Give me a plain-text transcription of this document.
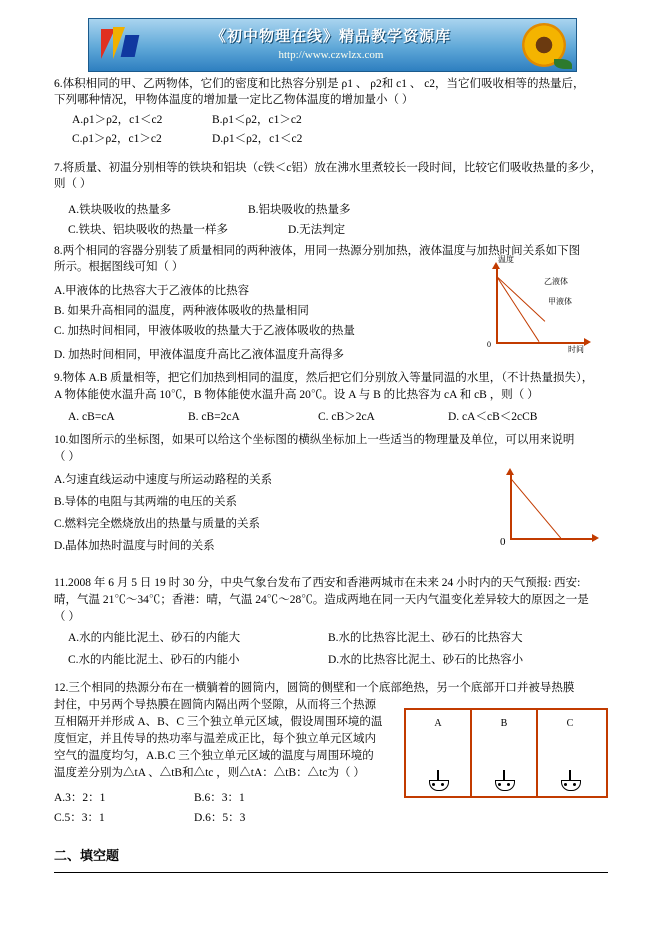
《初中物理在线》精品教学资源库
http://www.czwlzx.com
6.体积相同的甲、乙两物体，它们的密度和比热容分别是 ρ1 、 ρ2和 c1 、 c2，当它们吸收相等的热量后，
下列哪种情况，甲物体温度的增加量一定比乙物体温度的增加量小（ ）
A.ρ1＞ρ2，c1＜c2	B.ρ1＜ρ2，c1＞c2
C.ρ1＞ρ2，c1＞c2	D.ρ1＜ρ2，c1＜c2
7.将质量、初温分别相等的铁块和铝块（c铁＜c铝）放在沸水里煮较长一段时间，比较它们吸收热量的多少，
则（ ）
A.铁块吸收的热量多	B.铝块吸收的热量多
C.铁块、铝块吸收的热量一样多	D.无法判定
8.两个相同的容器分别装了质量相同的两种液体，用同一热源分别加热，液体温度与加热时间关系如下图
所示。根据图线可知（ ）
A.甲液体的比热容大于乙液体的比热容
B. 如果升高相同的温度，两种液体吸收的热量相同
C. 加热时间相同，甲液体吸收的热量大于乙液体吸收的热量
D. 加热时间相同，甲液体温度升高比乙液体温度升高得多
温度
时间
0
乙液体
甲液体
9.物体 A.B 质量相等，把它们加热到相同的温度，然后把它们分别放入等量同温的水里，（不计热量损失），
A 物体能使水温升高 10℃，B 物体能使水温升高 20℃。设 A 与 B 的比热容为 cA 和 cB ，则（ ）
A. cB=cA	B. cB=2cA	C. cB＞2cA	D. cA＜cB＜2cCB
10.如图所示的坐标图，如果可以给这个坐标图的横纵坐标加上一些适当的物理量及单位，可以用来说明
（ ）
A.匀速直线运动中速度与所运动路程的关系
B.导体的电阻与其两端的电压的关系
C.燃料完全燃烧放出的热量与质量的关系
D.晶体加热时温度与时间的关系	0
11.2008 年 6 月 5 日 19 时 30 分，中央气象台发布了西安和香港两城市在未来 24 小时内的天气预报: 西安:
晴，气温 21℃～34℃；香港：晴，气温 24℃～28℃。造成两地在同一天内气温变化差异较大的原因之一是
（ ）
A.水的内能比泥土、砂石的内能大	B.水的比热容比泥土、砂石的比热容大
C.水的内能比泥土、砂石的内能小	D.水的比热容比泥土、砂石的比热容小
12.三个相同的热源分布在一横躺着的圆筒内，圆筒的侧壁和一个底部绝热，另一个底部开口并被导热膜
封住，中另两个导热膜在圆筒内隔出两个竖隙，从而将三个热源
互相隔开并形成 A、B、C 三个独立单元区域，假设周围环境的温
度恒定，并且传导的热功率与温差成正比，每个独立单元区域内
空气的温度均匀，A.B.C 三个独立单元区域的温度与周围环境的
温度差分别为△tA 、△tB和△tc ，则△tA：△tB：△tc为（ ）
A.3：2：1	B.6：3：1
C.5：3：1	D.6：5：3
A	B	C
二、填空题
